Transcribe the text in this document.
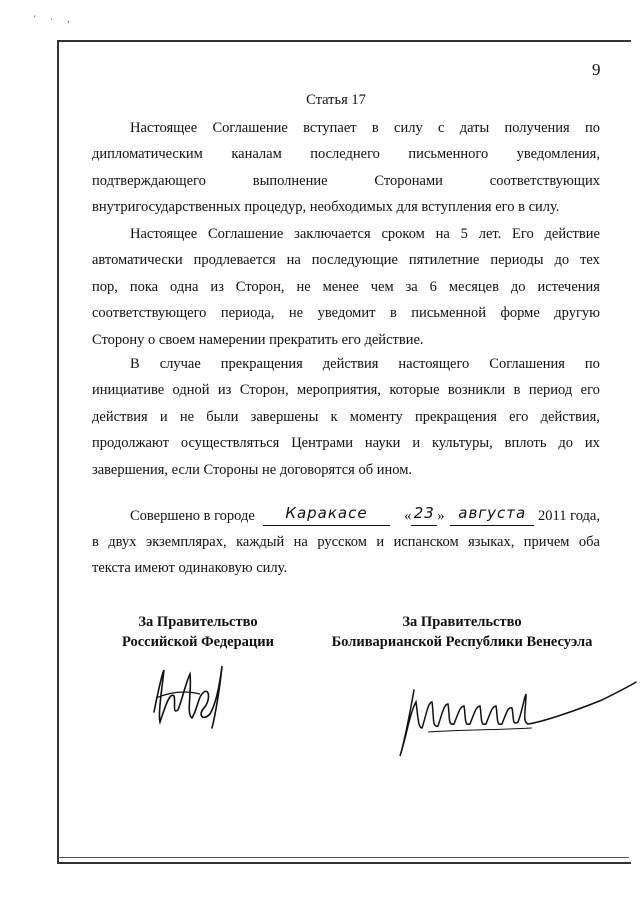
' · ,
9
Статья 17
Настоящее Соглашение вступает в силу с даты получения по
дипломатическим каналам последнего письменного уведомления,
подтверждающего	выполнение	Сторонами	соответствующих
внутригосударственных процедур, необходимых для вступления его в силу.
Настоящее Соглашение заключается сроком на 5 лет. Его действие
автоматически продлевается на последующие пятилетние периоды до тех
пор, пока одна из Сторон, не менее чем за 6 месяцев до истечения
соответствующего периода, не уведомит в письменной форме другую
Сторону о своем намерении прекратить его действие.
В случае прекращения действия настоящего Соглашения по
инициативе одной из Сторон, мероприятия, которые возникли в период его
действия и не были завершены к моменту прекращения его действия,
продолжают осуществляться Центрами науки и культуры, вплоть до их
завершения, если Стороны не договорятся об ином.
Совершено в городе	Каракасе	« 23 » августа 2011 года,
в двух экземплярах, каждый на русском и испанском языках, причем оба
текста имеют одинаковую силу.
За Правительство
Российской Федерации
За Правительство
Боливарианской Республики Венесуэла
